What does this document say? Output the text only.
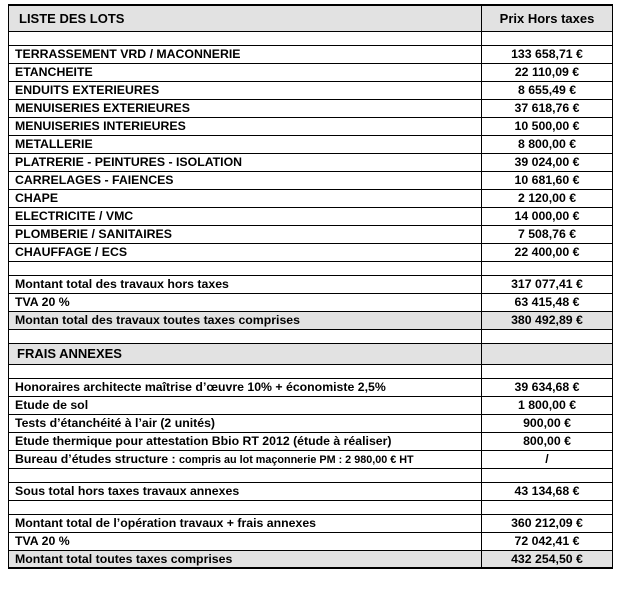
LISTE DES LOTS	Prix Hors taxes

TERRASSEMENT VRD / MACONNERIE	133 658,71 €
ETANCHEITE	22 110,09 €
ENDUITS EXTERIEURES	8 655,49 €
MENUISERIES EXTERIEURES	37 618,76 €
MENUISERIES INTERIEURES	10 500,00 €
METALLERIE	8 800,00 €
PLATRERIE - PEINTURES - ISOLATION	39 024,00 €
CARRELAGES - FAIENCES	10 681,60 €
CHAPE	2 120,00 €
ELECTRICITE / VMC	14 000,00 €
PLOMBERIE / SANITAIRES	7 508,76 €
CHAUFFAGE / ECS	22 400,00 €

Montant total des travaux hors taxes	317 077,41 €
TVA 20 %	63 415,48 €
Montan total des travaux toutes taxes comprises	380 492,89 €

FRAIS ANNEXES	

Honoraires architecte maîtrise d’œuvre 10% + économiste 2,5%	39 634,68 €
Etude de sol	1 800,00 €
Tests d’étanchéité à l’air (2 unités)	900,00 €
Etude thermique pour attestation Bbio RT 2012 (étude à réaliser)	800,00 €
Bureau d’études structure : compris au lot maçonnerie PM : 2 980,00 € HT	/

Sous total hors taxes travaux annexes	43 134,68 €

Montant total de l’opération travaux + frais annexes	360 212,09 €
TVA 20 %	72 042,41 €
Montant total toutes taxes comprises	432 254,50 €
